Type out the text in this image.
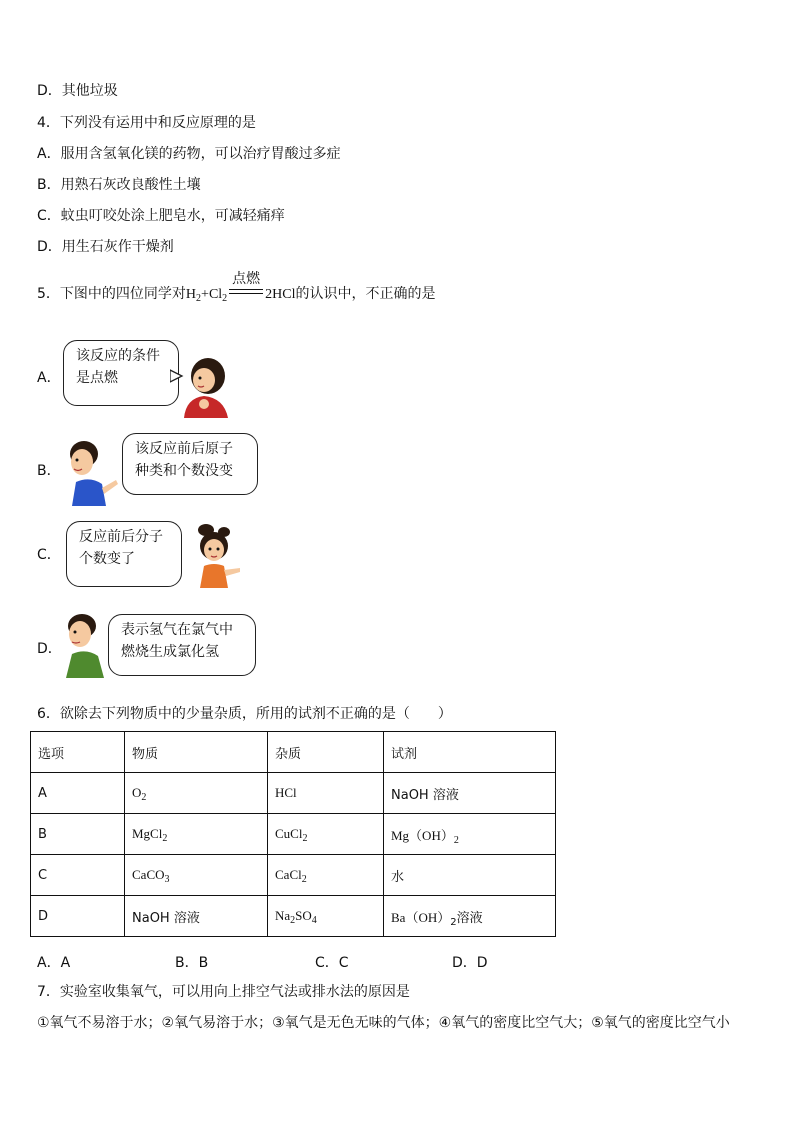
D．其他垃圾
4．下列没有运用中和反应原理的是
A．服用含氢氧化镁的药物，可以治疗胃酸过多症
B．用熟石灰改良酸性土壤
C．蚊虫叮咬处涂上肥皂水，可减轻痛痒
D．用生石灰作干燥剂
5．下图中的四位同学对$H_2+Cl_2$
点燃
2HCl的认识中，不正确的是
A．
该反应的条件
是点燃
B．
该反应前后原子
种类和个数没变
C．
反应前后分子
个数变了
D．
表示氢气在氯气中
燃烧生成氯化氢
6．欲除去下列物质中的少量杂质，所用的试剂不正确的是（　　）
选项	物质	杂质	试剂
A	$O_2$	HCl	NaOH 溶液
B	MgCl$_2$	CuCl$_2$	$Mg(OH)_2$
C	CaCO$_3$	CaCl$_2$	水
D	NaOH 溶液	$Na_2SO_4$	$Ba(OH)_2$溶液
A．A	B．B	C．C	D．D
7．实验室收集氧气，可以用向上排空气法或排水法的原因是
①氧气不易溶于水；②氧气易溶于水；③氧气是无色无味的气体；④氧气的密度比空气大；⑤氧气的密度比空气小
